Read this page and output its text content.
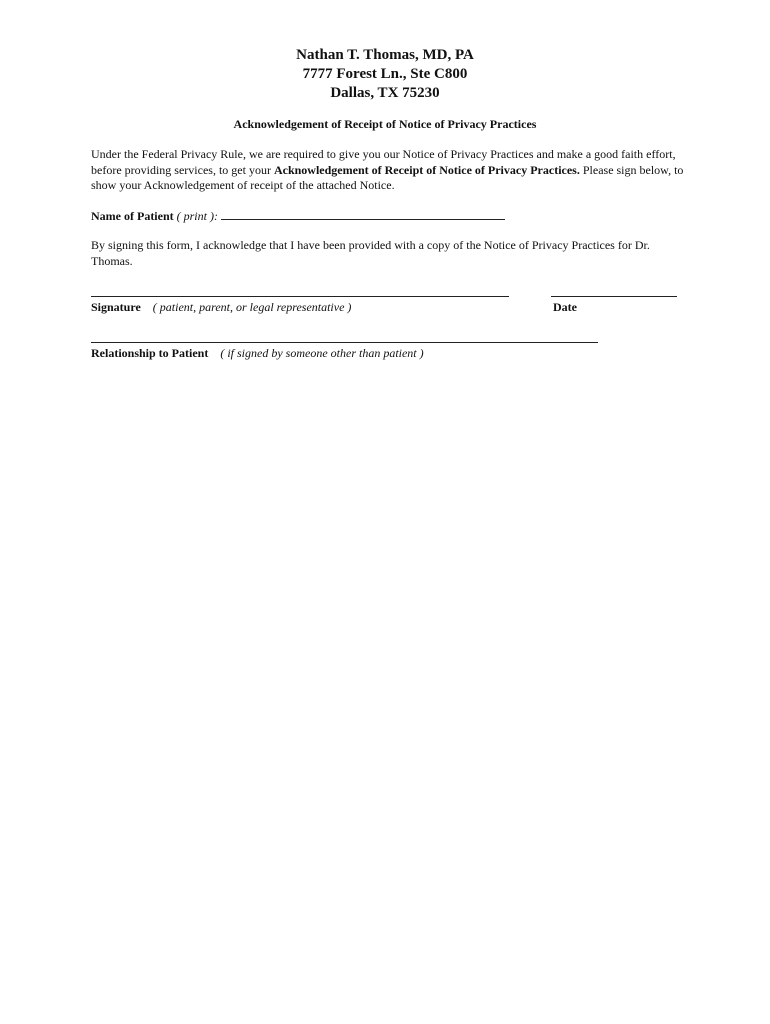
Nathan T. Thomas, MD, PA
7777 Forest Ln., Ste C800
Dallas, TX 75230
Acknowledgement of Receipt of Notice of Privacy Practices
Under the Federal Privacy Rule, we are required to give you our Notice of Privacy Practices and make a good faith effort, before providing services, to get your Acknowledgement of Receipt of Notice of Privacy Practices. Please sign below, to show your Acknowledgement of receipt of the attached Notice.
Name of Patient ( print ):
By signing this form, I acknowledge that I have been provided with a copy of the Notice of Privacy Practices for Dr. Thomas.
Signature ( patient, parent, or legal representative )	Date
Relationship to Patient ( if signed by someone other than patient )
